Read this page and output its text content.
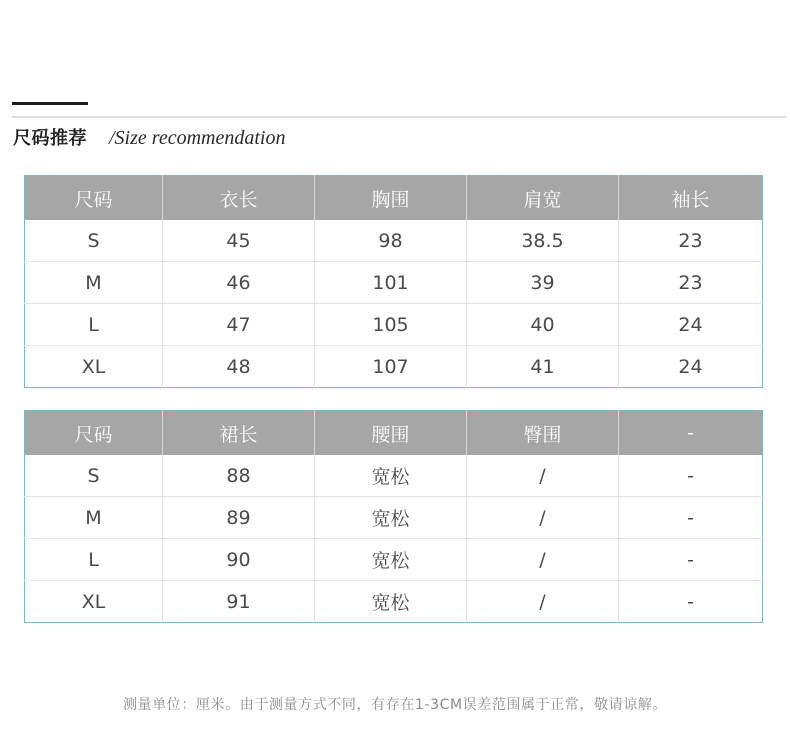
尺码推荐 /Size recommendation
尺码	衣长	胸围	肩宽	袖长
S	45	98	38.5	23
M	46	101	39	23
L	47	105	40	24
XL	48	107	41	24
尺码	裙长	腰围	臀围	-
S	88	宽松	/	-
M	89	宽松	/	-
L	90	宽松	/	-
XL	91	宽松	/	-
测量单位：厘米。由于测量方式不同，有存在1-3CM误差范围属于正常，敬请谅解。
